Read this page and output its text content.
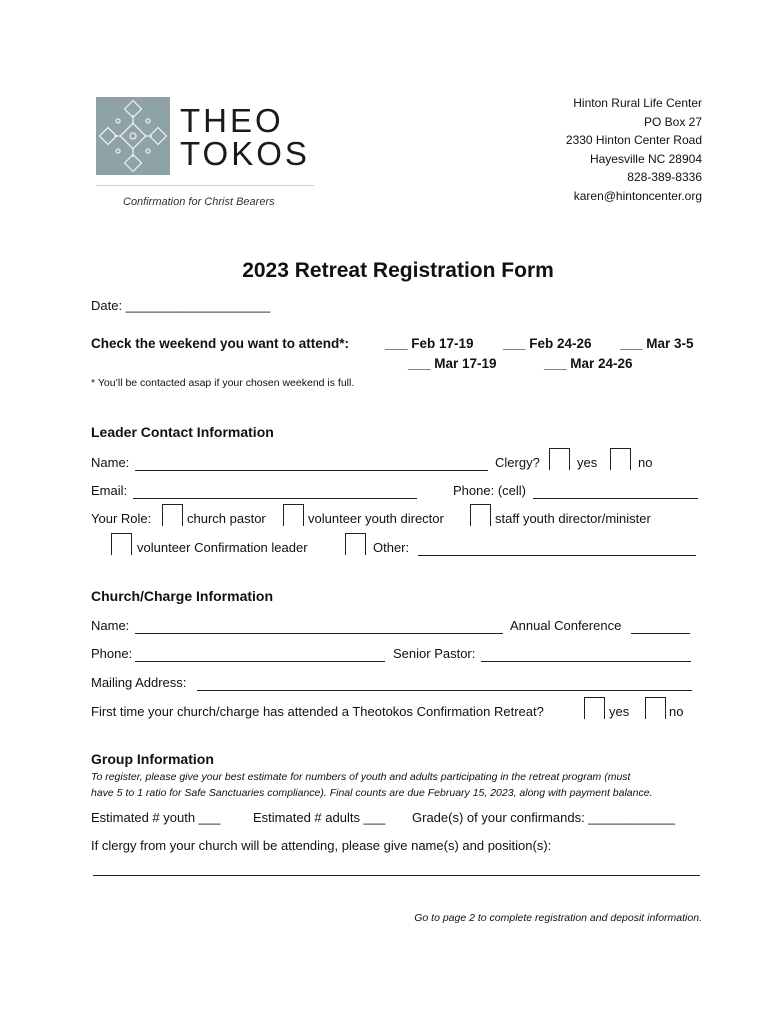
THEO
TOKOS
Confirmation for Christ Bearers
Hinton Rural Life Center
PO Box 27
2330 Hinton Center Road
Hayesville NC 28904
828-389-8336
karen@hintoncenter.org
2023 Retreat Registration Form
Date: ____________________
Check the weekend you want to attend*:	___ Feb 17-19 ___ Feb 24-26 ___ Mar 3-5
___ Mar 17-19	___ Mar 24-26
* You’ll be contacted asap if your chosen weekend is full.
Leader Contact Information
Name:	Clergy?	yes	no
Email:	Phone: (cell)
Your Role:	church pastor	volunteer youth director	staff youth director/minister
volunteer Confirmation leader	Other:
Church/Charge Information
Name:	Annual Conference
Phone:	Senior Pastor:
Mailing Address:
First time your church/charge has attended a Theotokos Confirmation Retreat?	yes	no
Group Information
To register, please give your best estimate for numbers of youth and adults participating in the retreat program (must
have 5 to 1 ratio for Safe Sanctuaries compliance). Final counts are due February 15, 2023, along with payment balance.
Estimated # youth ___	Estimated # adults ___ Grade(s) of your confirmands: ____________
If clergy from your church will be attending, please give name(s) and position(s):
Go to page 2 to complete registration and deposit information.
